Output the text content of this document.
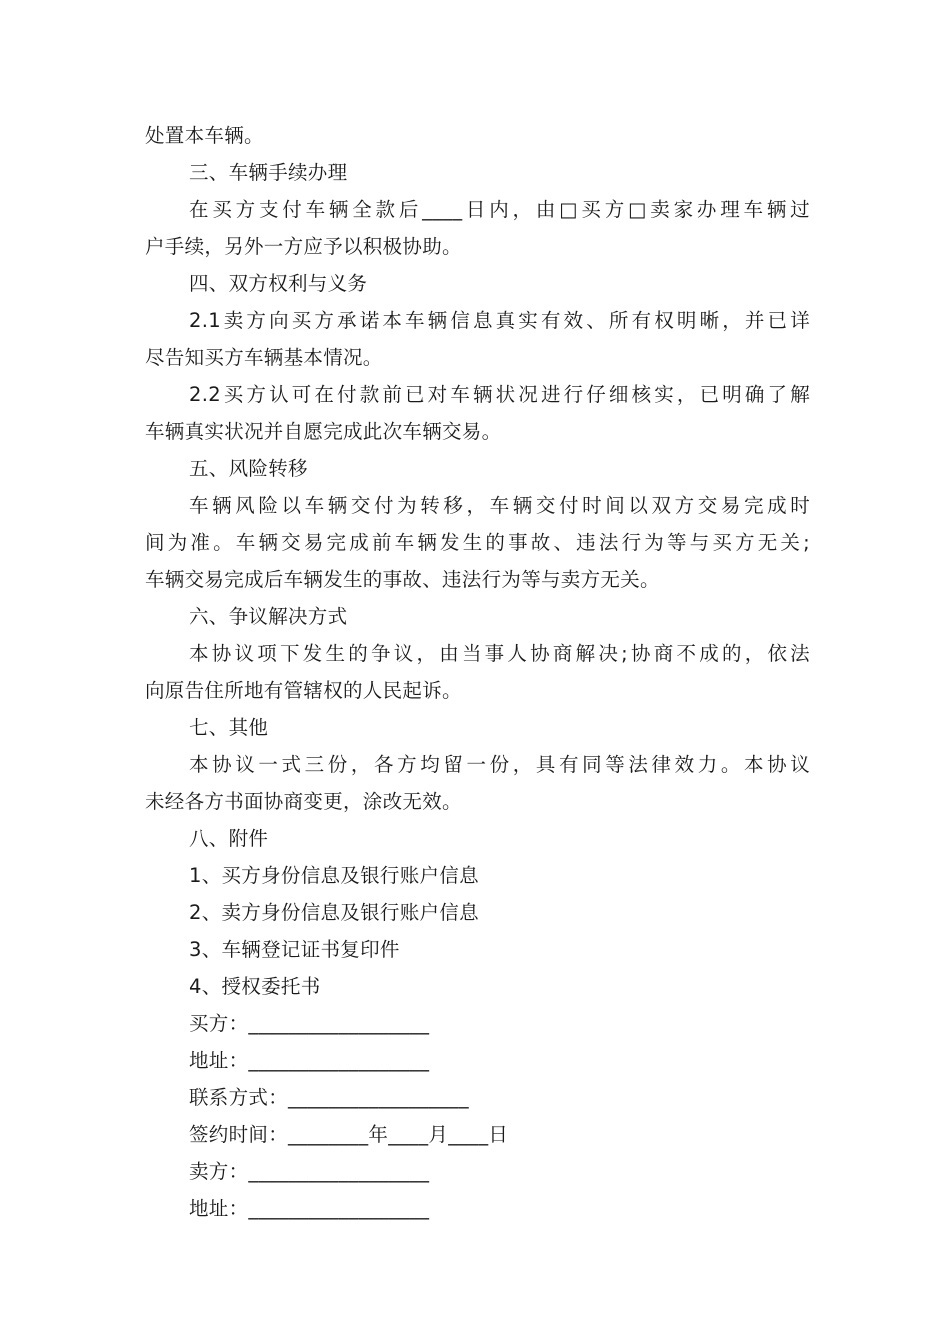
处置本车辆。
三、车辆手续办理
在买方支付车辆全款后____日内，由□买方□卖家办理车辆过
户手续，另外一方应予以积极协助。
四、双方权利与义务
2.1卖方向买方承诺本车辆信息真实有效、所有权明晰，并已详
尽告知买方车辆基本情况。
2.2买方认可在付款前已对车辆状况进行仔细核实，已明确了解
车辆真实状况并自愿完成此次车辆交易。
五、风险转移
车辆风险以车辆交付为转移，车辆交付时间以双方交易完成时
间为准。车辆交易完成前车辆发生的事故、违法行为等与买方无关;
车辆交易完成后车辆发生的事故、违法行为等与卖方无关。
六、争议解决方式
本协议项下发生的争议，由当事人协商解决;协商不成的，依法
向原告住所地有管辖权的人民起诉。
七、其他
本协议一式三份，各方均留一份，具有同等法律效力。本协议
未经各方书面协商变更，涂改无效。
八、附件
1、买方身份信息及银行账户信息
2、卖方身份信息及银行账户信息
3、车辆登记证书复印件
4、授权委托书
买方：__________________
地址：__________________
联系方式：__________________
签约时间：________年____月____日
卖方：__________________
地址：__________________
